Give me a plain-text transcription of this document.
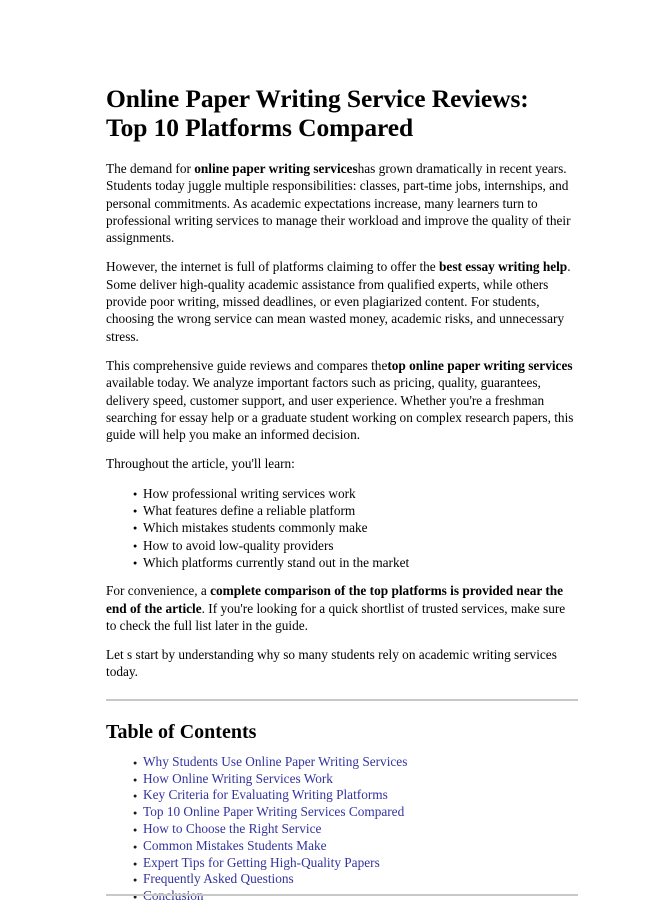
Online Paper Writing Service Reviews:
Top 10 Platforms Compared

The demand for online paper writing serviceshas grown dramatically in recent years. Students today juggle multiple responsibilities: classes, part-time jobs, internships, and personal commitments. As academic expectations increase, many learners turn to professional writing services to manage their workload and improve the quality of their assignments.

However, the internet is full of platforms claiming to offer the best essay writing help. Some deliver high-quality academic assistance from qualified experts, while others provide poor writing, missed deadlines, or even plagiarized content. For students, choosing the wrong service can mean wasted money, academic risks, and unnecessary stress.

This comprehensive guide reviews and compares thetop online paper writing services available today. We analyze important factors such as pricing, quality, guarantees, delivery speed, customer support, and user experience. Whether you're a freshman searching for essay help or a graduate student working on complex research papers, this guide will help you make an informed decision.

Throughout the article, you'll learn:

● How professional writing services work
● What features define a reliable platform
● Which mistakes students commonly make
● How to avoid low-quality providers
● Which platforms currently stand out in the market

For convenience, a complete comparison of the top platforms is provided near the end of the article. If you're looking for a quick shortlist of trusted services, make sure to check the full list later in the guide.

Let s start by understanding why so many students rely on academic writing services today.

Table of Contents
● Why Students Use Online Paper Writing Services
● How Online Writing Services Work
● Key Criteria for Evaluating Writing Platforms
● Top 10 Online Paper Writing Services Compared
● How to Choose the Right Service
● Common Mistakes Students Make
● Expert Tips for Getting High-Quality Papers
● Frequently Asked Questions
● Conclusion
